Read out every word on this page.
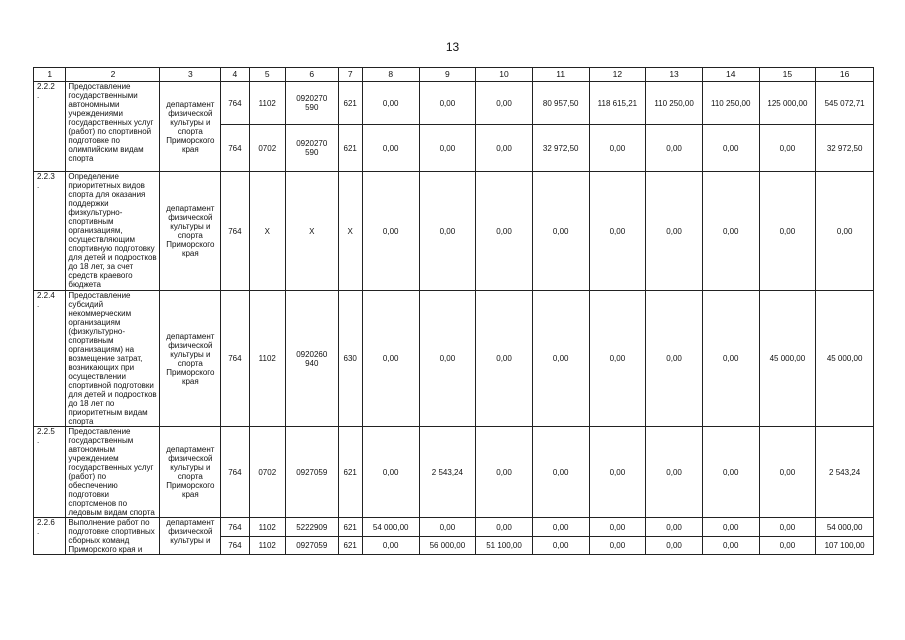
13
1	2	3	4	5	6	7	8	9	10	11	12	13	14	15	16
2.2.2
.	Предоставление государственными автономными учреждениями государственных услуг (работ) по спортивной подготовке по олимпийским видам спорта	департамент физической культуры и спорта Приморского края	764	1102	0920270
590	621	0,00	0,00	0,00	80 957,50	118 615,21	110 250,00	110 250,00	125 000,00	545 072,71
			764	0702	0920270
590	621	0,00	0,00	0,00	32 972,50	0,00	0,00	0,00	0,00	32 972,50
2.2.3
.	Определение приоритетных видов спорта для оказания поддержки физкультурно-спортивным организациям, осуществляющим спортивную подготовку для детей и подростков до 18 лет, за счет средств краевого бюджета	департамент физической культуры и спорта Приморского края	764	X	X	X	0,00	0,00	0,00	0,00	0,00	0,00	0,00	0,00	0,00
2.2.4
.	Предоставление субсидий некоммерческим организациям (физкультурно-спортивным организациям) на возмещение затрат, возникающих при осуществлении спортивной подготовки для детей и подростков до 18 лет по приоритетным видам спорта	департамент физической культуры и спорта Приморского края	764	1102	0920260
940	630	0,00	0,00	0,00	0,00	0,00	0,00	0,00	45 000,00	45 000,00
2.2.5
.	Предоставление государственным автономным учреждением государственных услуг (работ) по обеспечению подготовки спортсменов по ледовым видам спорта	департамент физической культуры и спорта Приморского края	764	0702	0927059	621	0,00	2 543,24	0,00	0,00	0,00	0,00	0,00	0,00	2 543,24
2.2.6
.	Выполнение работ по подготовке спортивных сборных команд Приморского края и	департамент физической культуры и	764	1102	5222909	621	54 000,00	0,00	0,00	0,00	0,00	0,00	0,00	0,00	54 000,00
			764	1102	0927059	621	0,00	56 000,00	51 100,00	0,00	0,00	0,00	0,00	0,00	107 100,00
